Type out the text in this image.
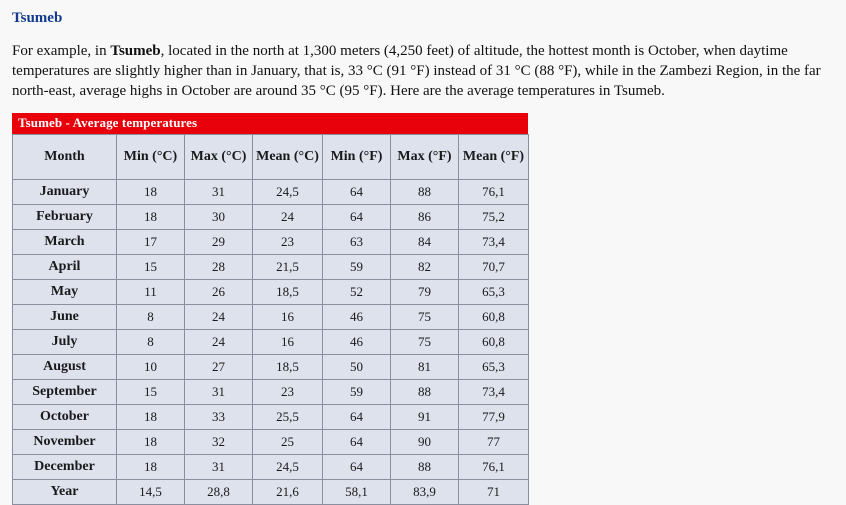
Tsumeb

For example, in Tsumeb, located in the north at 1,300 meters (4,250 feet) of altitude, the hottest month is October, when daytime temperatures are slightly higher than in January, that is, 33 °C (91 °F) instead of 31 °C (88 °F), while in the Zambezi Region, in the far north-east, average highs in October are around 35 °C (95 °F). Here are the average temperatures in Tsumeb.

Tsumeb - Average temperatures
Month	Min (°C)	Max (°C)	Mean (°C)	Min (°F)	Max (°F)	Mean (°F)
January	18	31	24,5	64	88	76,1
February	18	30	24	64	86	75,2
March	17	29	23	63	84	73,4
April	15	28	21,5	59	82	70,7
May	11	26	18,5	52	79	65,3
June	8	24	16	46	75	60,8
July	8	24	16	46	75	60,8
August	10	27	18,5	50	81	65,3
September	15	31	23	59	88	73,4
October	18	33	25,5	64	91	77,9
November	18	32	25	64	90	77
December	18	31	24,5	64	88	76,1
Year	14,5	28,8	21,6	58,1	83,9	71
